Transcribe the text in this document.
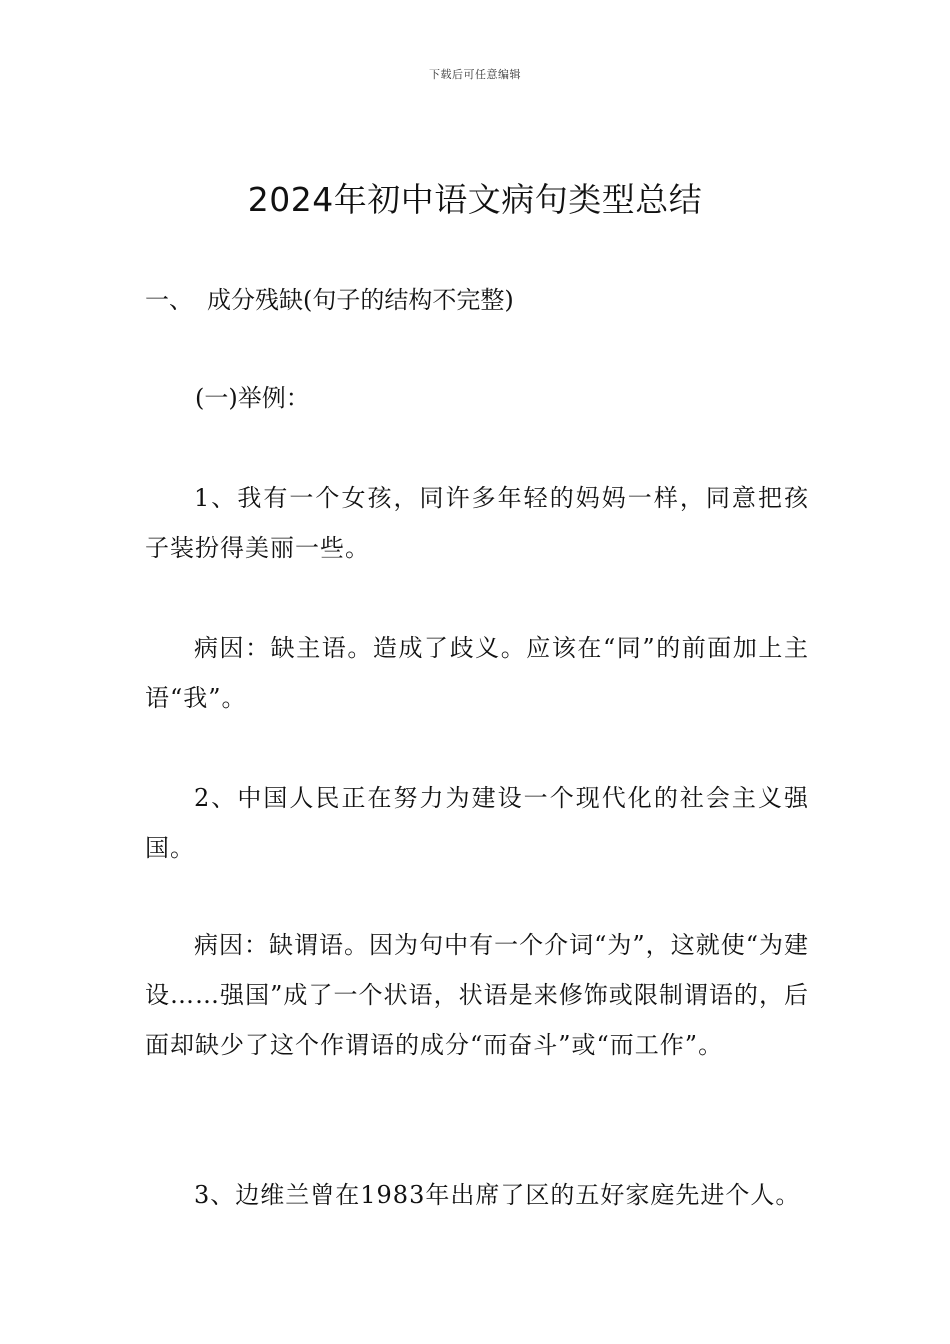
下载后可任意编辑
2024年初中语文病句类型总结
一、 成分残缺(句子的结构不完整)
(一)举例：

1、我有一个女孩，同许多年轻的妈妈一样，同意把孩子装扮得美丽一些。

病因：缺主语。造成了歧义。应该在“同”的前面加上主语“我”。

2、中国人民正在努力为建设一个现代化的社会主义强国。

病因：缺谓语。因为句中有一个介词“为”，这就使“为建设……强国”成了一个状语，状语是来修饰或限制谓语的，后面却缺少了这个作谓语的成分“而奋斗”或“而工作”。

3、边维兰曾在1983年出席了区的五好家庭先进个人。
